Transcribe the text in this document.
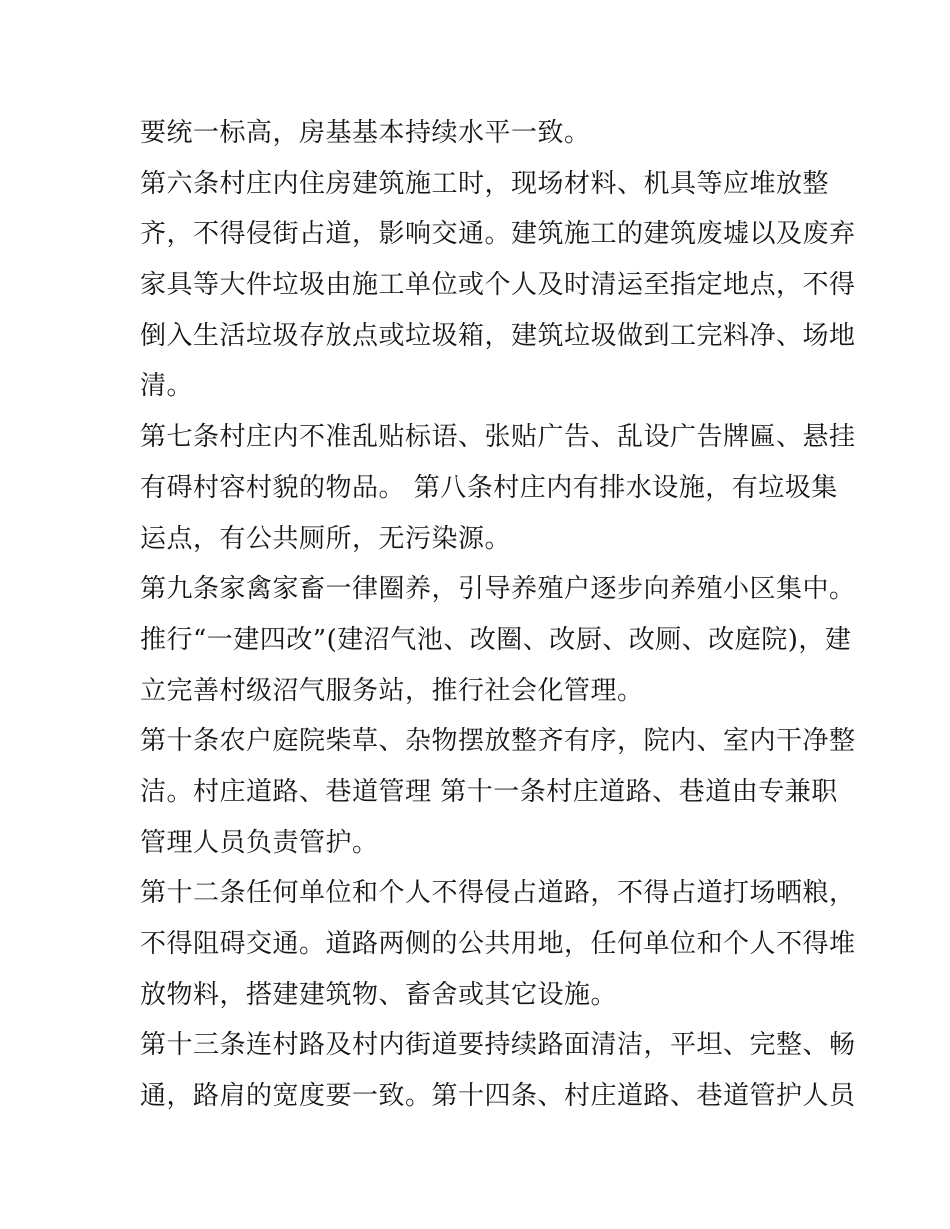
要统一标高，房基基本持续水平一致。

第六条村庄内住房建筑施工时，现场材料、机具等应堆放整
齐，不得侵街占道，影响交通。建筑施工的建筑废墟以及废弃
家具等大件垃圾由施工单位或个人及时清运至指定地点，不得
倒入生活垃圾存放点或垃圾箱，建筑垃圾做到工完料净、场地
清。

第七条村庄内不准乱贴标语、张贴广告、乱设广告牌匾、悬挂
有碍村容村貌的物品。 第八条村庄内有排水设施，有垃圾集
运点，有公共厕所，无污染源。

第九条家禽家畜一律圈养，引导养殖户逐步向养殖小区集中。
推行“一建四改”(建沼气池、改圈、改厨、改厕、改庭院)，建
立完善村级沼气服务站，推行社会化管理。

第十条农户庭院柴草、杂物摆放整齐有序，院内、室内干净整
洁。村庄道路、巷道管理 第十一条村庄道路、巷道由专兼职
管理人员负责管护。

第十二条任何单位和个人不得侵占道路，不得占道打场晒粮，
不得阻碍交通。道路两侧的公共用地，任何单位和个人不得堆
放物料，搭建建筑物、畜舍或其它设施。

第十三条连村路及村内街道要持续路面清洁，平坦、完整、畅
通，路肩的宽度要一致。第十四条、村庄道路、巷道管护人员
